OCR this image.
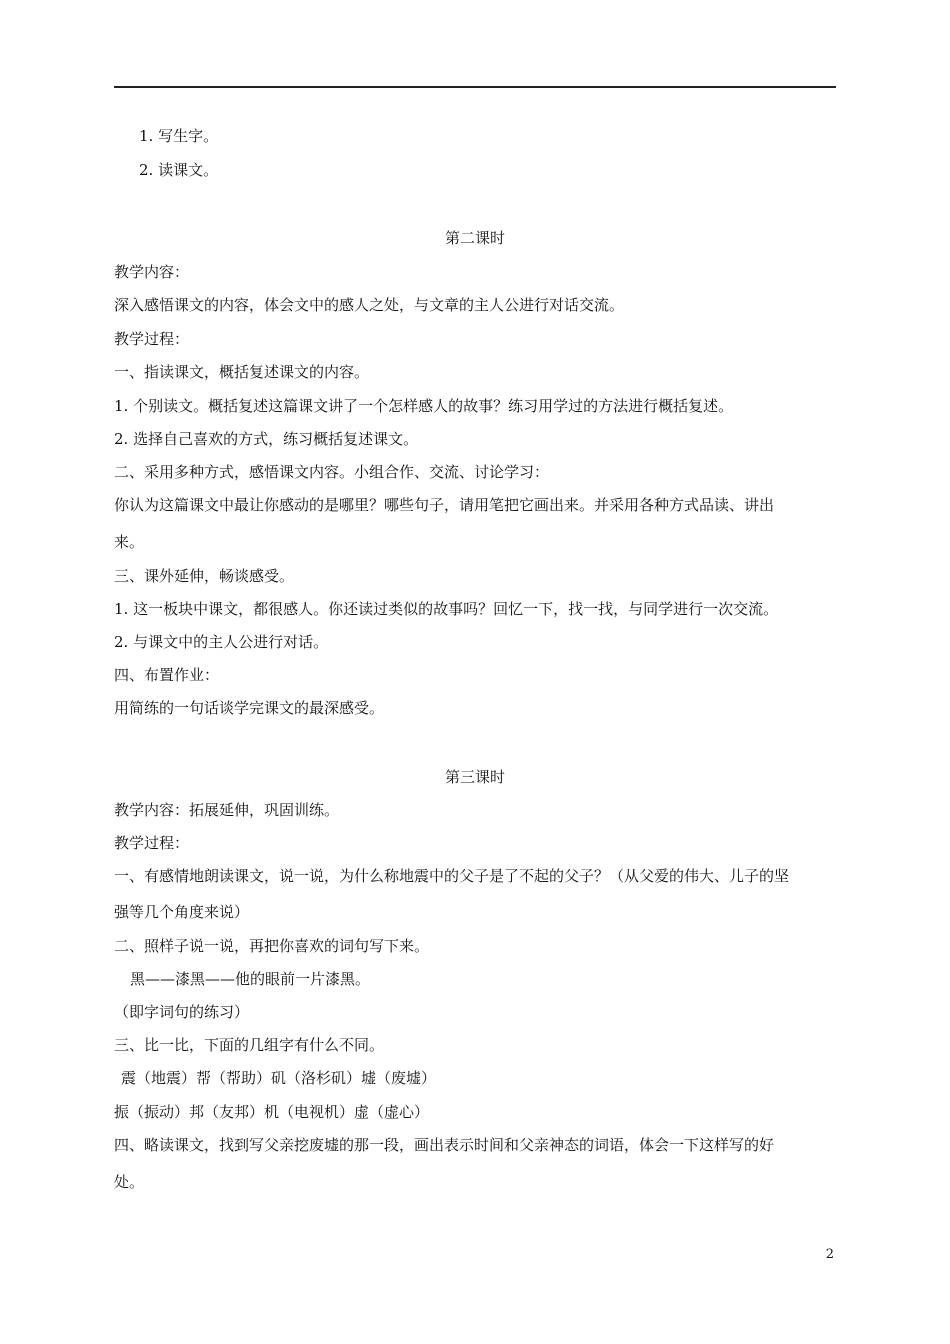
1. 写生字。
2. 读课文。
第二课时
教学内容：
深入感悟课文的内容，体会文中的感人之处，与文章的主人公进行对话交流。
教学过程：
一、指读课文，概括复述课文的内容。
1. 个别读文。概括复述这篇课文讲了一个怎样感人的故事？练习用学过的方法进行概括复述。
2. 选择自己喜欢的方式，练习概括复述课文。
二、采用多种方式，感悟课文内容。小组合作、交流、讨论学习：
你认为这篇课文中最让你感动的是哪里？哪些句子，请用笔把它画出来。并采用各种方式品读、讲出
来。
三、课外延伸，畅谈感受。
1. 这一板块中课文，都很感人。你还读过类似的故事吗？回忆一下，找一找，与同学进行一次交流。
2. 与课文中的主人公进行对话。
四、布置作业：
用简练的一句话谈学完课文的最深感受。
第三课时
教学内容：拓展延伸，巩固训练。
教学过程：
一、有感情地朗读课文，说一说，为什么称地震中的父子是了不起的父子？（从父爱的伟大、儿子的坚
强等几个角度来说）
二、照样子说一说，再把你喜欢的词句写下来。
黑——漆黑——他的眼前一片漆黑。
（即字词句的练习）
三、比一比，下面的几组字有什么不同。
震（地震）帮（帮助）矶（洛杉矶）墟（废墟）
振（振动）邦（友邦）机（电视机）虚（虚心）
四、略读课文，找到写父亲挖废墟的那一段，画出表示时间和父亲神态的词语，体会一下这样写的好
处。
2
